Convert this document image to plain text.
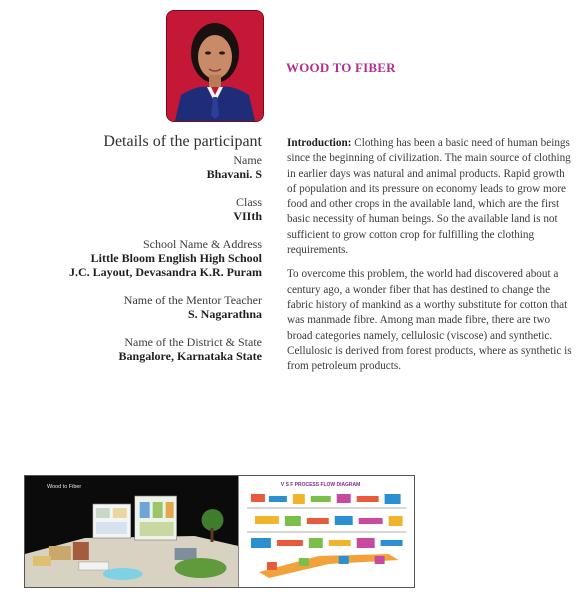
WOOD TO FIBER
Details of the participant
Name
Bhavani. S
Class
VIIth
School Name & Address
Little Bloom English High School
J.C. Layout, Devasandra K.R. Puram
Name of the Mentor Teacher
S. Nagarathna
Name of the District & State
Bangalore, Karnataka State

Introduction: Clothing has been a basic need of human beings since the beginning of civilization. The main source of clothing in earlier days was natural and animal products. Rapid growth of population and its pressure on economy leads to grow more food and other crops in the available land, which are the first basic necessity of human beings. So the available land is not sufficient to grow cotton crop for fulfilling the clothing requirements.

To overcome this problem, the world had discovered about a century ago, a wonder fiber that has destined to change the fabric history of mankind as a worthy substitute for cotton that was manmade fibre. Among man made fibre, there are two broad categories namely, cellulosic (viscose) and synthetic. Cellulosic is derived from forest products, where as synthetic is from petroleum products.

Wood to Fiber	V S F PROCESS FLOW DIAGRAM
